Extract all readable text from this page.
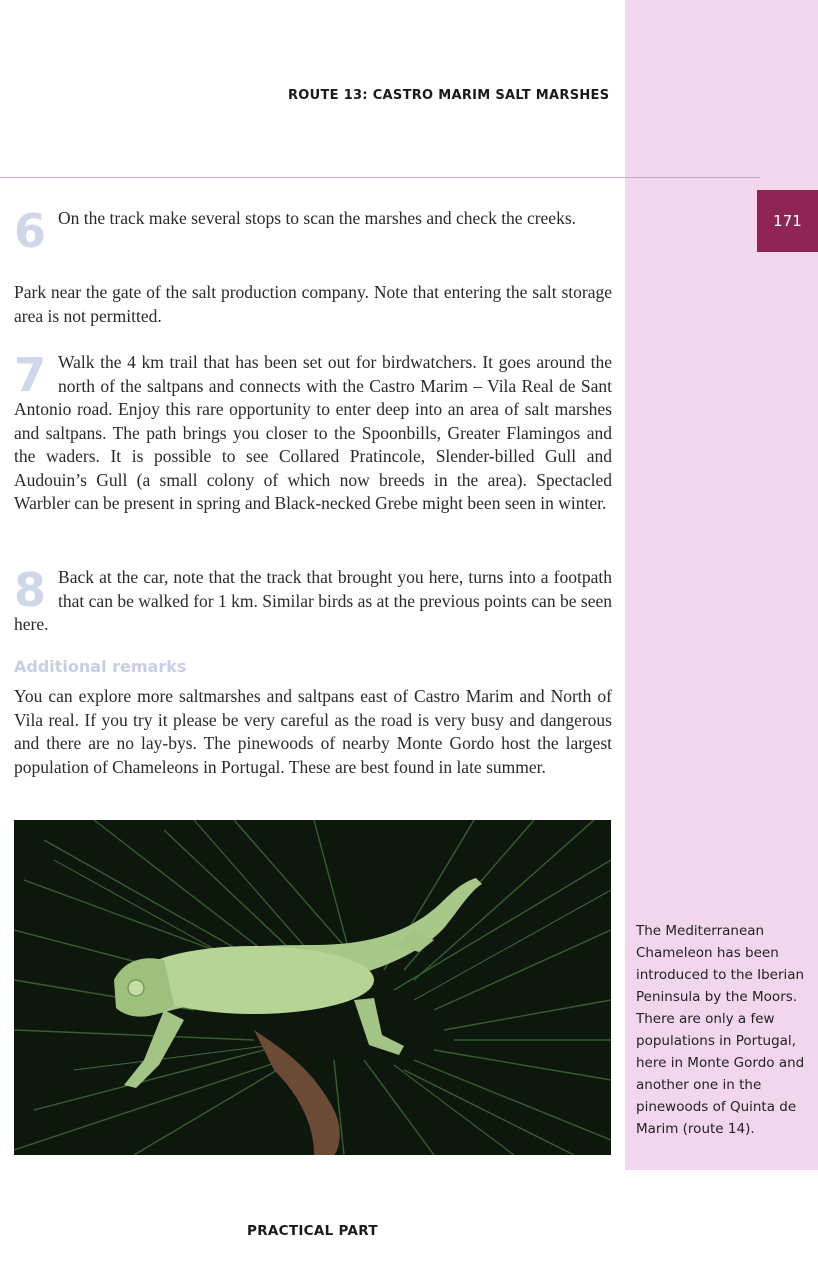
ROUTE 13: CASTRO MARIM SALT MARSHES
171
6 On the track make several stops to scan the marshes and check the creeks.

Park near the gate of the salt production company. Note that entering the salt storage area is not permitted.

7 Walk the 4 km trail that has been set out for birdwatchers. It goes around the north of the saltpans and connects with the Castro Marim – Vila Real de Sant Antonio road. Enjoy this rare opportunity to enter deep into an area of salt marshes and saltpans. The path brings you closer to the Spoonbills, Greater Flamingos and the waders. It is possible to see Collared Pratincole, Slender-billed Gull and Audouin’s Gull (a small colony of which now breeds in the area). Spectacled Warbler can be present in spring and Black-necked Grebe might been seen in winter.

8 Back at the car, note that the track that brought you here, turns into a footpath that can be walked for 1 km. Similar birds as at the previous points can be seen here.

Additional remarks

You can explore more saltmarshes and saltpans east of Castro Marim and North of Vila real. If you try it please be very careful as the road is very busy and dangerous and there are no lay-bys. The pinewoods of nearby Monte Gordo host the largest population of Chameleons in Portugal. These are best found in late summer.

The Mediterranean Chameleon has been introduced to the Iberian Peninsula by the Moors. There are only a few populations in Portugal, here in Monte Gordo and another one in the pinewoods of Quinta de Marim (route 14).
PRACTICAL PART
